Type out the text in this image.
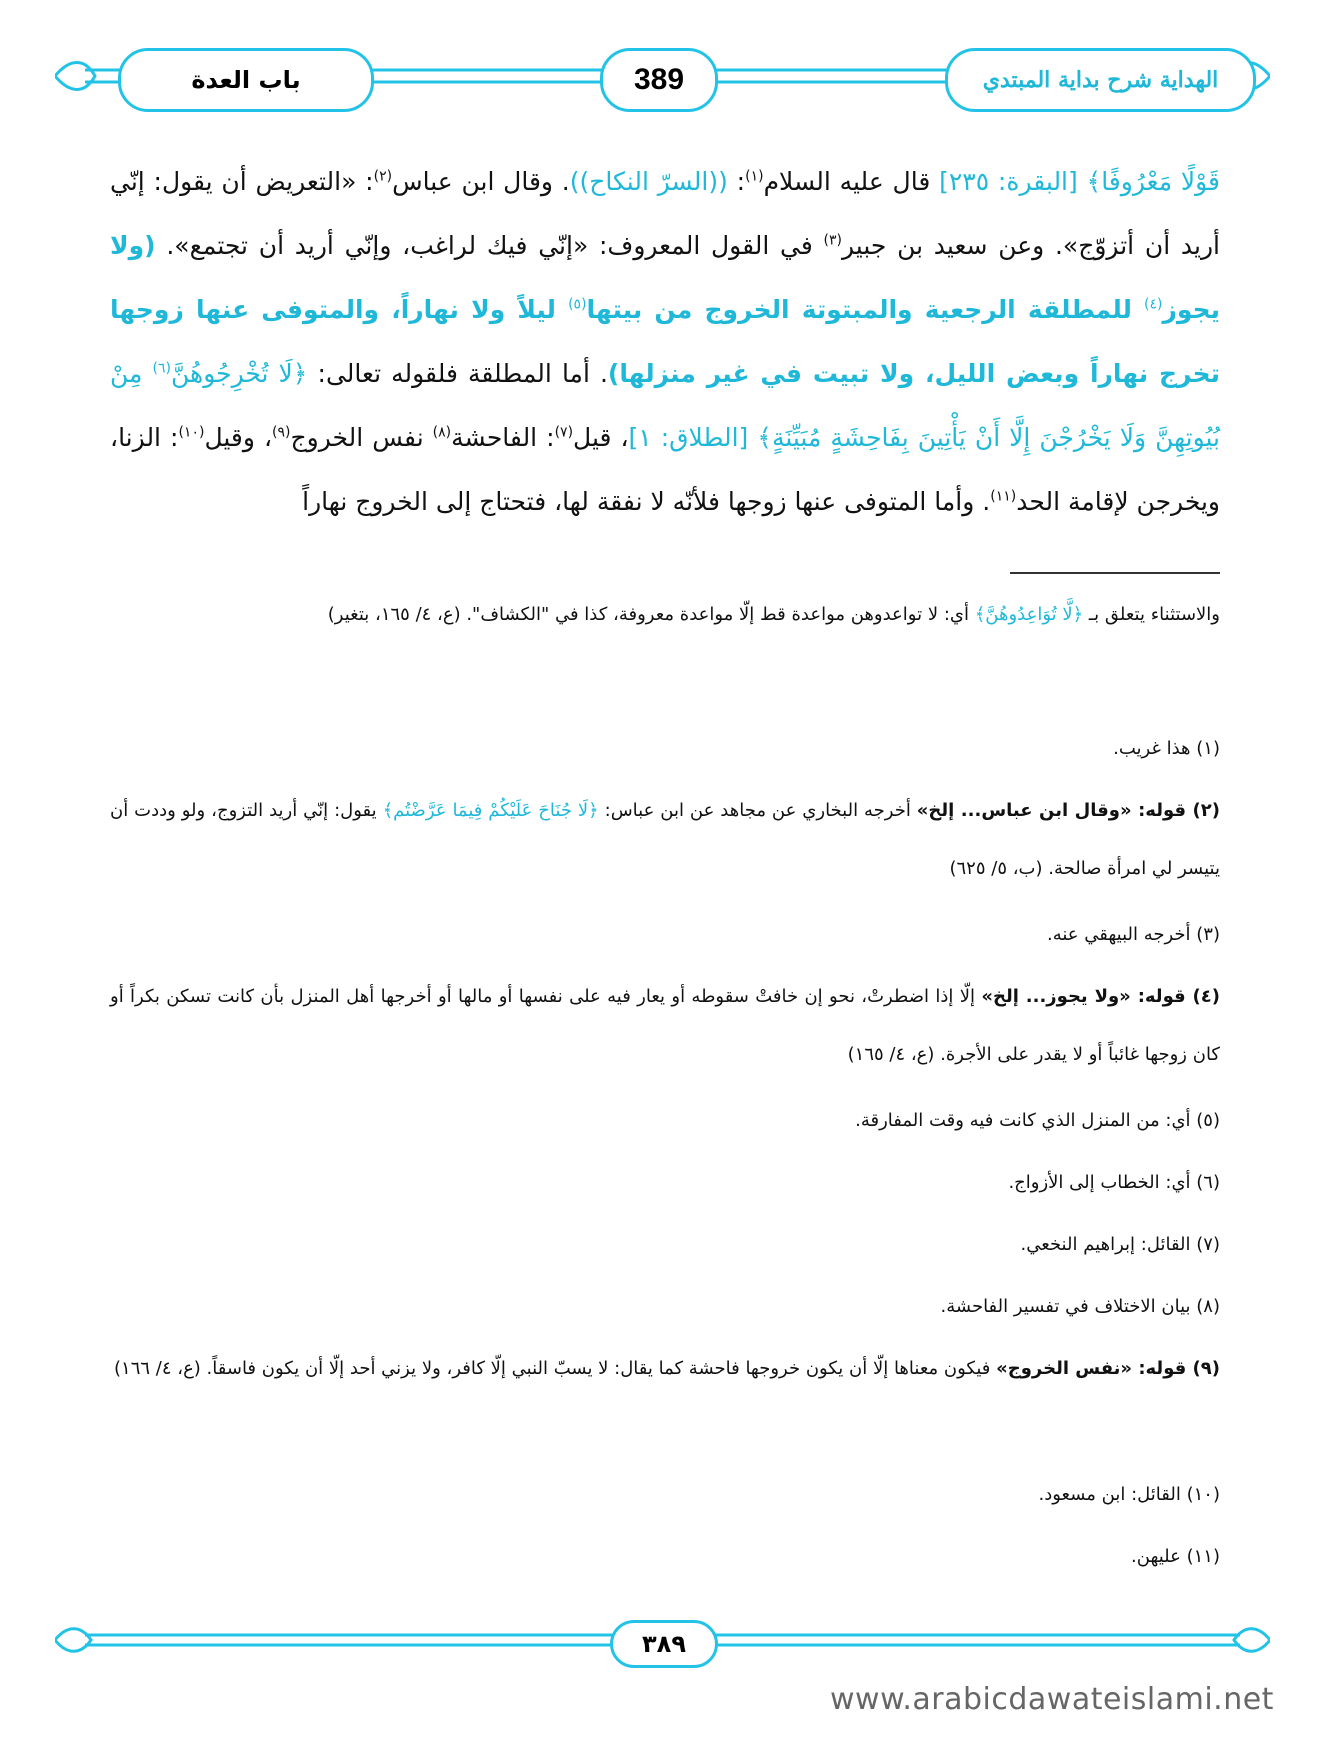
باب العدة	389	الهداية شرح بداية المبتدي

قَوْلًا مَعْرُوفًا﴾ [البقرة: ٢٣٥] قال عليه السلام$^{(١)}$: ((السرّ النكاح)). وقال ابن عباس$^{(٢)}$: «التعريض أن يقول: إنّي أريد أن أتزوّج». وعن سعيد بن جبير$^{(٣)}$ في القول المعروف: «إنّي فيك لراغب، وإنّي أريد أن تجتمع». (ولا يجوز$^{(٤)}$ للمطلقة الرجعية والمبتوتة الخروج من بيتها$^{(٥)}$ ليلاً ولا نهاراً، والمتوفى عنها زوجها تخرج نهاراً وبعض الليل، ولا تبيت في غير منزلها). أما المطلقة فلقوله تعالى: ﴿لَا تُخْرِجُوهُنَّ$^{(٦)}$ مِنْ بُيُوتِهِنَّ وَلَا يَخْرُجْنَ إِلَّا أَنْ يَأْتِينَ بِفَاحِشَةٍ مُبَيِّنَةٍ﴾ [الطلاق: ١]، قيل$^{(٧)}$: الفاحشة$^{(٨)}$ نفس الخروج$^{(٩)}$، وقيل$^{(١٠)}$: الزنا، ويخرجن لإقامة الحد$^{(١١)}$. وأما المتوفى عنها زوجها فلأنّه لا نفقة لها، فتحتاج إلى الخروج نهاراً

والاستثناء يتعلق بـ ﴿لَّا تُوَاعِدُوهُنَّ﴾ أي: لا تواعدوهن مواعدة قط إلّا مواعدة معروفة، كذا في "الكشاف". (ع، ٤/ ١٦٥، بتغير)
(١) هذا غريب.
(٢) قوله: «وقال ابن عباس... إلخ» أخرجه البخاري عن مجاهد عن ابن عباس: ﴿لَا جُنَاحَ عَلَيْكُمْ فِيمَا عَرَّضْتُم﴾ يقول: إنّي أريد التزوج، ولو وددت أن يتيسر لي امرأة صالحة. (ب، ٥/ ٦٢٥)
(٣) أخرجه البيهقي عنه.
(٤) قوله: «ولا يجوز... إلخ» إلّا إذا اضطرتْ، نحو إن خافتْ سقوطه أو يعار فيه على نفسها أو مالها أو أخرجها أهل المنزل بأن كانت تسكن بكراً أو كان زوجها غائباً أو لا يقدر على الأجرة. (ع، ٤/ ١٦٥)
(٥) أي: من المنزل الذي كانت فيه وقت المفارقة.
(٦) أي: الخطاب إلى الأزواج.
(٧) القائل: إبراهيم النخعي.
(٨) بيان الاختلاف في تفسير الفاحشة.
(٩) قوله: «نفس الخروج» فيكون معناها إلّا أن يكون خروجها فاحشة كما يقال: لا يسبّ النبي إلّا كافر، ولا يزني أحد إلّا أن يكون فاسقاً. (ع، ٤/ ١٦٦)
(١٠) القائل: ابن مسعود.
(١١) عليهن.
٣٨٩
www.arabicdawateislami.net
